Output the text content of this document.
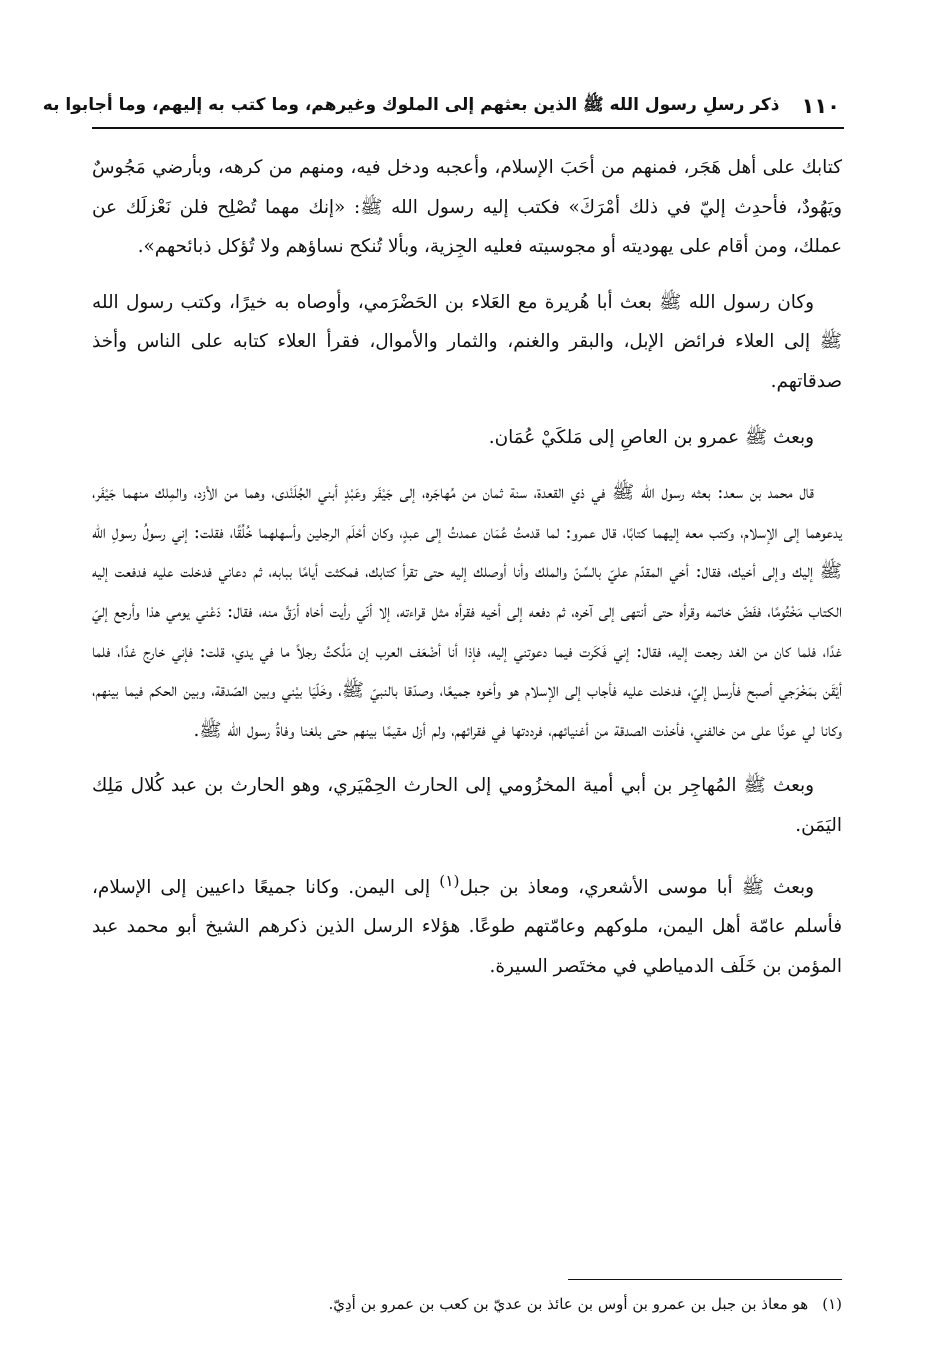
١١٠
ذكر رسلِ رسول الله ﷺ الذين بعثهم إلى الملوك وغيرهم، وما كتب به إليهم، وما أجابوا به

كتابك على أهل هَجَر، فمنهم من أحَبَ الإسلام، وأعجبه ودخل فيه، ومنهم من كرهه، وبأرضي مَجُوسٌ ويَهُودٌ، فأحدِث إليّ في ذلك أمْرَكَ» فكتب إليه رسول الله ﷺ: «إنك مهما تُصْلِح فلن نَعْزلَك عن عملك، ومن أقام على يهوديته أو مجوسيته فعليه الجِزية، وبألا تُنكح نساؤهم ولا تُؤكل ذبائحهم».

وكان رسول الله ﷺ بعث أبا هُريرة مع العَلاء بن الحَضْرَمي، وأوصاه به خيرًا، وكتب رسول الله ﷺ إلى العلاء فرائض الإبل، والبقر والغنم، والثمار والأموال، فقرأ العلاء كتابه على الناس وأخذ صدقاتهم.

وبعث ﷺ عمرو بن العاصِ إلى مَلكَيْ عُمَان.

قال محمد بن سعد: بعثه رسول الله ﷺ في ذي القعدة، سنة ثمان من مُهاجَره، إلى جَيْفَر وعَبْدٍ أبني الجُلَنْدى، وهما من الأزد، والمِلك منهما جَيْفَر، يدعوهما إلى الإسلام، وكتب معه إليهما كتابًا، قال عمرو: لما قدمتُ عُمَان عمدتُ إلى عبدٍ، وكان أحْلَم الرجلين وأسهلهما خُلُقًا، فقلت: إني رسولُ رسولِ الله ﷺ إليك وإلى أخيك، فقال: أخي المقدّم عليّ بالسِّنّ والملك وأنا أوصلك إليه حتى تقرأ كتابك، فمكثت أيامًا ببابه، ثم دعاني فدخلت عليه فدفعت إليه الكتاب مَخْتُومًا، ففَضّ خاتمه وقرأه حتى أنتهى إلى آخره، ثم دفعه إلى أخيه فقرأه مثل قراءته، إلا أنّي رأيت أخاه أرَقَّ منه، فقال: دَعْني يومي هذا وأرجع إليّ غدًا، فلما كان من الغد رجعت إليه، فقال: إني فَكَرت فيما دعوتني إليه، فإذا أنا أضْعَف العرب إن مَلَّكتُ رجلاً ما في يدي، قلت: فإني خارج غدًا، فلما أيْقَن بمَخْرَجي أصبح فأرسل إليّ، فدخلت عليه فأجاب إلى الإسلام هو وأخوه جميعًا، وصدّقا بالنبيّ ﷺ، وخَلّيَا بيْني وبين الصّدقة، وبين الحكم فيما بينهم، وكانا لي عونًا على من خالفني، فأخذت الصدقة من أغنيائهم، فرددتها في فقرائهم، ولم أزل مقيمًا بينهم حتى بلغنا وفاةُ رسول الله ﷺ.

وبعث ﷺ المُهاجِر بن أبي أمية المخزُومي إلى الحارث الحِمْيَري، وهو الحارث بن عبد كُلال مَلِك اليَمَن.

وبعث ﷺ أبا موسى الأشعري، ومعاذ بن جبل$^{(١)}$ إلى اليمن. وكانا جميعًا داعيين إلى الإسلام، فأسلم عامّة أهل اليمن، ملوكهم وعامّتهم طوعًا. هؤلاء الرسل الذين ذكرهم الشيخ أبو محمد عبد المؤمن بن خَلَف الدمياطي في مختَصر السيرة.

(١)هو معاذ بن جبل بن عمرو بن أوس بن عائذ بن عديّ بن كعب بن عمرو بن أدِيّ.
